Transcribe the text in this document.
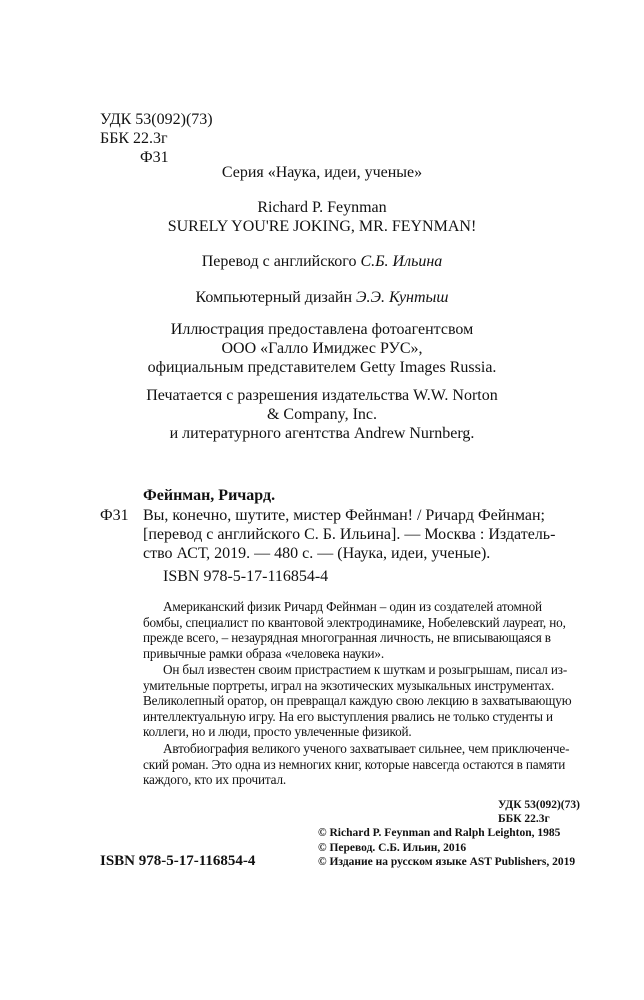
УДК 53(092)(73)
ББК 22.3г
Ф31
Серия «Наука, идеи, ученые»
Richard P. Feynman
SURELY YOU'RE JOKING, MR. FEYNMAN!
Перевод с английского С.Б. Ильина
Компьютерный дизайн Э.Э. Кунтыш
Иллюстрация предоставлена фотоагентсвом
ООО «Галло Имиджес РУС»,
официальным представителем Getty Images Russia.
Печатается с разрешения издательства W.W. Norton
& Company, Inc.
и литературного агентства Andrew Nurnberg.
Фейнман, Ричард.
Ф31 Вы, конечно, шутите, мистер Фейнман! / Ричард Фейнман;
[перевод с английского С. Б. Ильина]. — Москва : Издатель-
ство АСТ, 2019. — 480 с. — (Наука, идеи, ученые).
ISBN 978-5-17-116854-4

Американский физик Ричард Фейнман – один из создателей атомной

бомбы, специалист по квантовой электродинамике, Нобелевский лауреат, но,

прежде всего, – незаурядная многогранная личность, не вписывающаяся в

привычные рамки образа «человека науки».

Он был известен своим пристрастием к шуткам и розыгрышам, писал из-

умительные портреты, играл на экзотических музыкальных инструментах.

Великолепный оратор, он превращал каждую свою лекцию в захватывающую

интеллектуальную игру. На его выступления рвались не только студенты и

коллеги, но и люди, просто увлеченные физикой.

Автобиография великого ученого захватывает сильнее, чем приключенче-

ский роман. Это одна из немногих книг, которые навсегда остаются в памяти

каждого, кто их прочитал.

УДК 53(092)(73)
ББК 22.3г
© Richard P. Feynman and Ralph Leighton, 1985
© Перевод. С.Б. Ильин, 2016
© Издание на русском языке AST Publishers, 2019
ISBN 978-5-17-116854-4
